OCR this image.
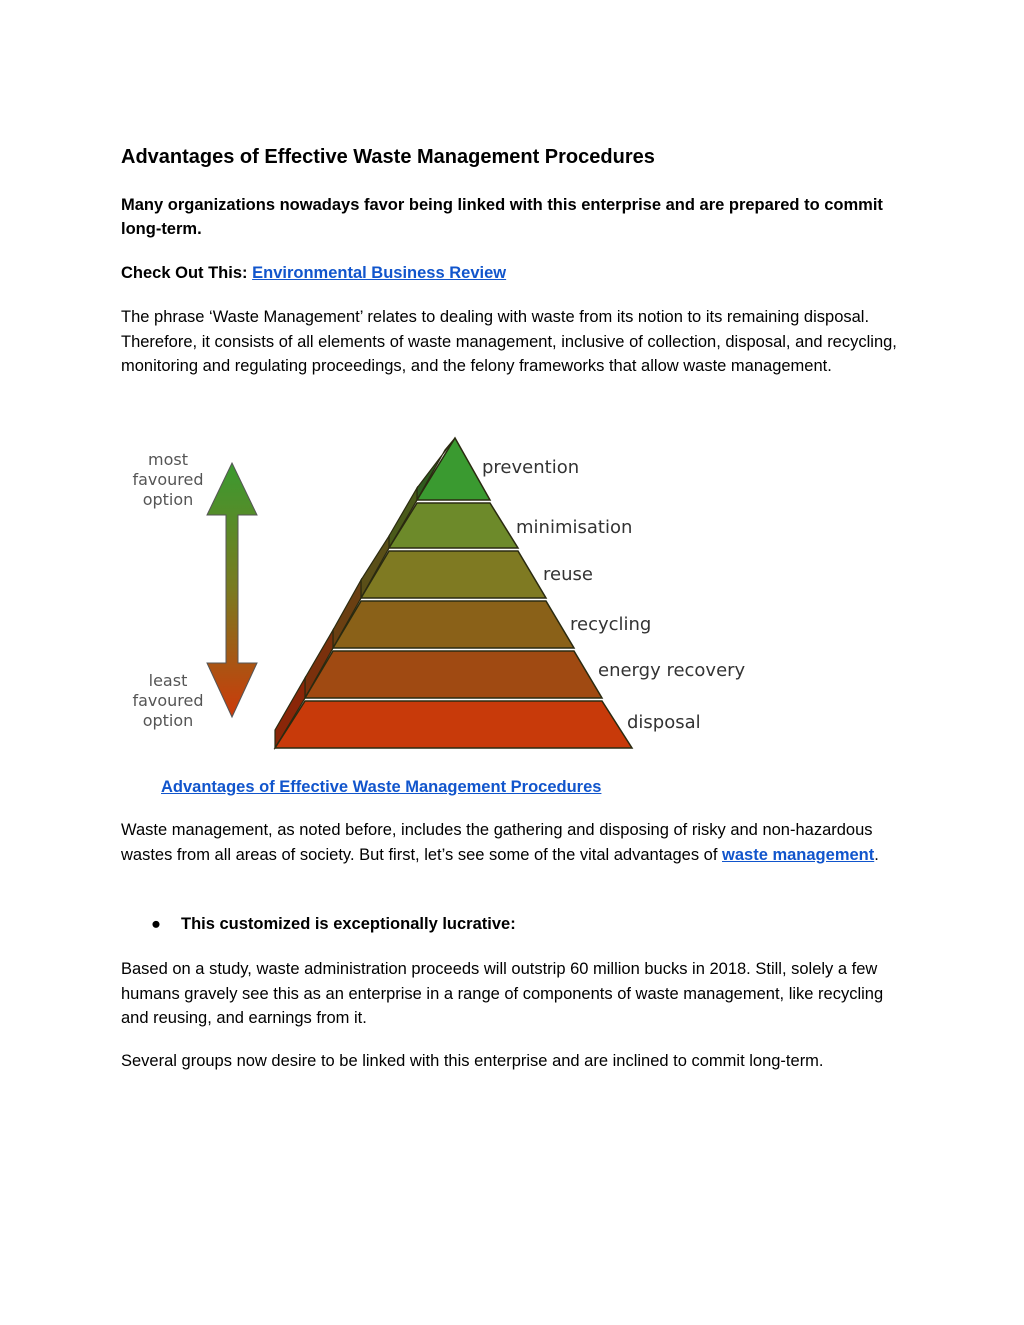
Advantages of Effective Waste Management Procedures

Many organizations nowadays favor being linked with this enterprise and are prepared to commit long-term.

Check Out This: Environmental Business Review

The phrase ‘Waste Management’ relates to dealing with waste from its notion to its remaining disposal. Therefore, it consists of all elements of waste management, inclusive of collection, disposal, and recycling, monitoring and regulating proceedings, and the felony frameworks that allow waste management.

Advantages of Effective Waste Management Procedures

Waste management, as noted before, includes the gathering and disposing of risky and non-hazardous wastes from all areas of society. But first, let’s see some of the vital advantages of waste management.

● This customized is exceptionally lucrative:

Based on a study, waste administration proceeds will outstrip 60 million bucks in 2018. Still, solely a few humans gravely see this as an enterprise in a range of components of waste management, like recycling and reusing, and earnings from it.

Several groups now desire to be linked with this enterprise and are inclined to commit long-term.

most
favoured
option
least
favoured
option
prevention
minimisation
reuse
recycling
energy recovery
disposal
